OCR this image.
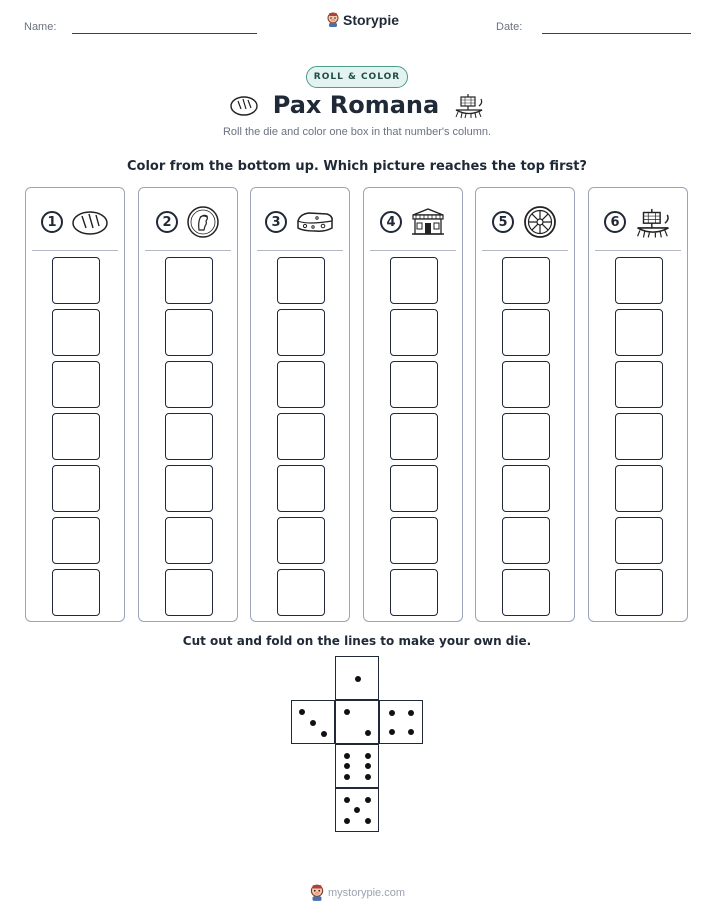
Name:	Date:
Storypie
ROLL & COLOR
Pax Romana
Roll the die and color one box in that number's column.
Color from the bottom up. Which picture reaches the top first?
1	2	3	4	5	6
Cut out and fold on the lines to make your own die.
mystorypie.com
